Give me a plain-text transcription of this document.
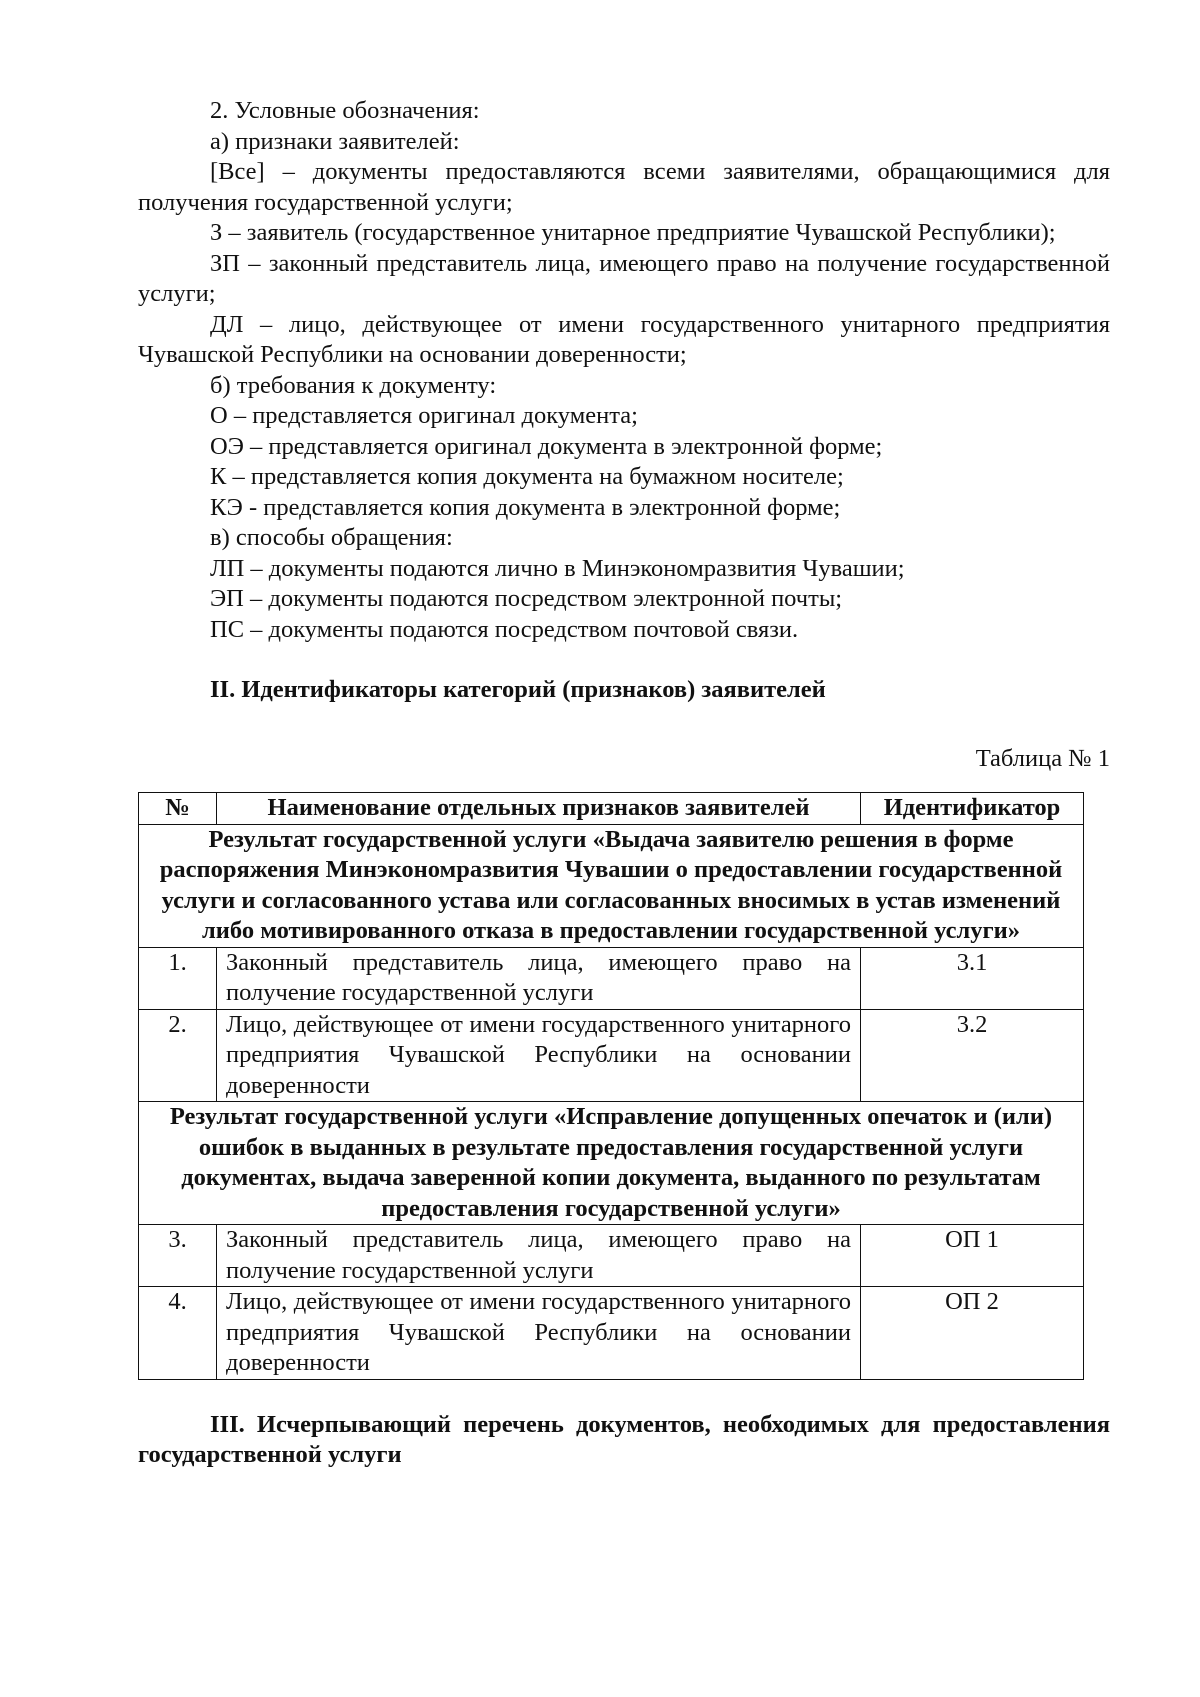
2. Условные обозначения:
а) признаки заявителей:
[Все] – документы предоставляются всеми заявителями, обращающимися для получения государственной услуги;
З – заявитель (государственное унитарное предприятие Чувашской Республики);
ЗП – законный представитель лица, имеющего право на получение государственной услуги;
ДЛ – лицо, действующее от имени государственного унитарного предприятия Чувашской Республики на основании доверенности;
б) требования к документу:
О – представляется оригинал документа;
ОЭ – представляется оригинал документа в электронной форме;
К – представляется копия документа на бумажном носителе;
КЭ - представляется копия документа в электронной форме;
в) способы обращения:
ЛП – документы подаются лично в Минэкономразвития Чувашии;
ЭП – документы подаются посредством электронной почты;
ПС – документы подаются посредством почтовой связи.
II. Идентификаторы категорий (признаков) заявителей
Таблица № 1
№	Наименование отдельных признаков заявителей	Идентификатор
Результат государственной услуги «Выдача заявителю решения в форме распоряжения Минэкономразвития Чувашии о предоставлении государственной услуги и согласованного устава или согласованных вносимых в устав изменений либо мотивированного отказа в предоставлении государственной услуги»		
1.	Законный представитель лица, имеющего право на получение государственной услуги	3.1
2.	Лицо, действующее от имени государственного унитарного предприятия Чувашской Республики на основании доверенности	3.2
Результат государственной услуги «Исправление допущенных опечаток и (или) ошибок в выданных в результате предоставления государственной услуги документах, выдача заверенной копии документа, выданного по результатам предоставления государственной услуги»		
3.	Законный представитель лица, имеющего право на получение государственной услуги	ОП 1
4.	Лицо, действующее от имени государственного унитарного предприятия Чувашской Республики на основании доверенности	ОП 2
III. Исчерпывающий перечень документов, необходимых для предоставления государственной услуги
